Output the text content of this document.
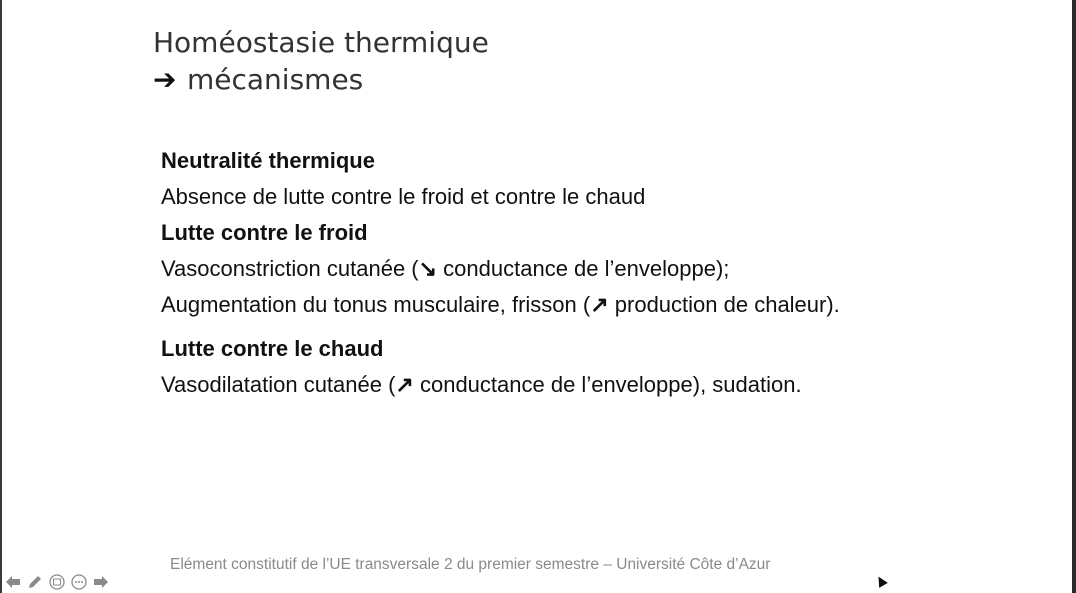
Homéostasie thermique
➔ mécanismes
Neutralité thermique
Absence de lutte contre le froid et contre le chaud
Lutte contre le froid
Vasoconstriction cutanée (↘ conductance de l’enveloppe);
Augmentation du tonus musculaire, frisson (↗ production de chaleur).
Lutte contre le chaud
Vasodilatation cutanée (↗ conductance de l’enveloppe), sudation.
Elément constitutif de l’UE transversale 2 du premier semestre – Université Côte d’Azur
